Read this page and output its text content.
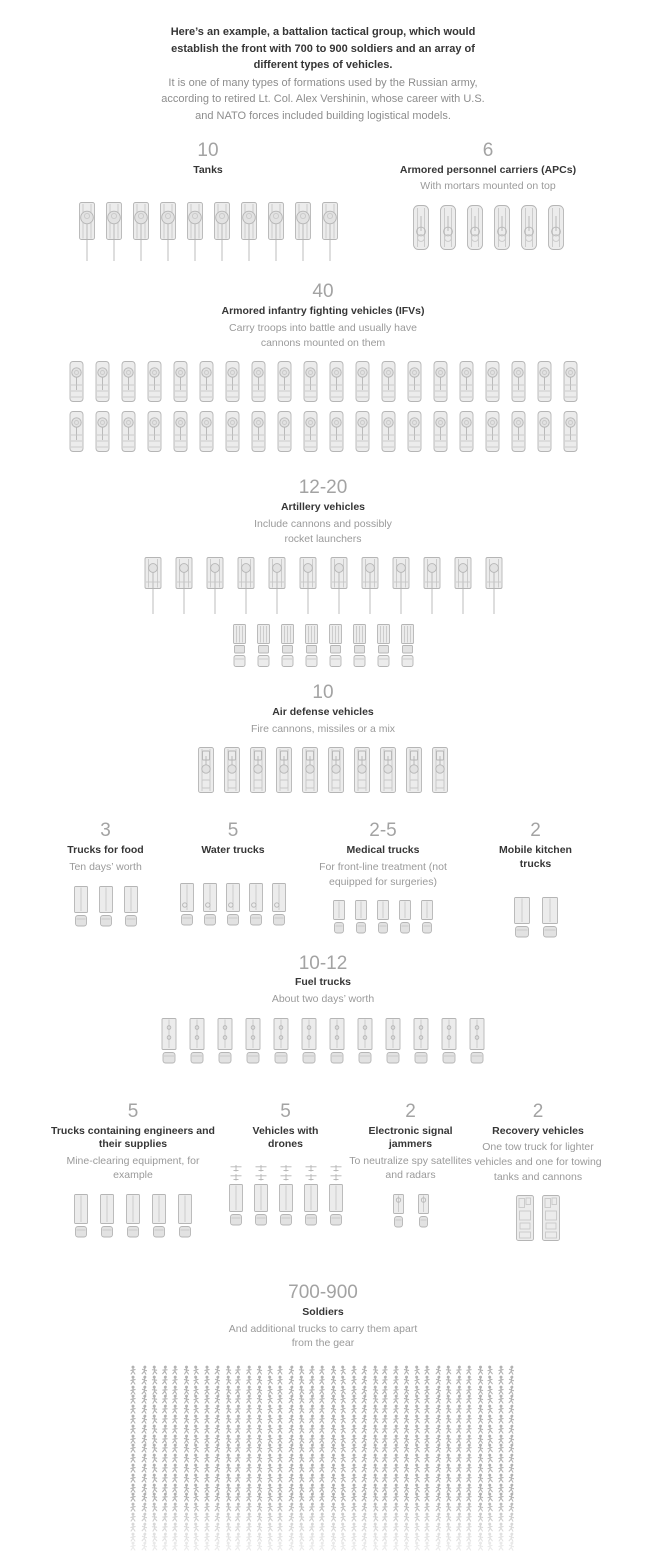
Here’s an example, a battalion tactical group, which would establish the front with 700 to 900 soldiers and an array of different types of vehicles.
It is one of many types of formations used by the Russian army, according to retired Lt. Col. Alex Vershinin, whose career with U.S. and NATO forces included building logistical models.
10
Tanks
6
Armored personnel carriers (APCs)
With mortars mounted on top
40
Armored infantry fighting vehicles (IFVs)
Carry troops into battle and usually have cannons mounted on them
12-20
Artillery vehicles
Include cannons and possibly rocket launchers
10
Air defense vehicles
Fire cannons, missiles or a mix
3
Trucks for food
Ten days’ worth
5
Water trucks
2-5
Medical trucks
For front-line treatment (not equipped for surgeries)
2
Mobile kitchen trucks
10-12
Fuel trucks
About two days’ worth
5
Trucks containing engineers and their supplies
Mine-clearing equipment, for example
5
Vehicles with drones
2
Electronic signal jammers
To neutralize spy satellites and radars
2
Recovery vehicles
One tow truck for lighter vehicles and one for towing tanks and cannons
700-900
Soldiers
And additional trucks to carry them apart from the gear
